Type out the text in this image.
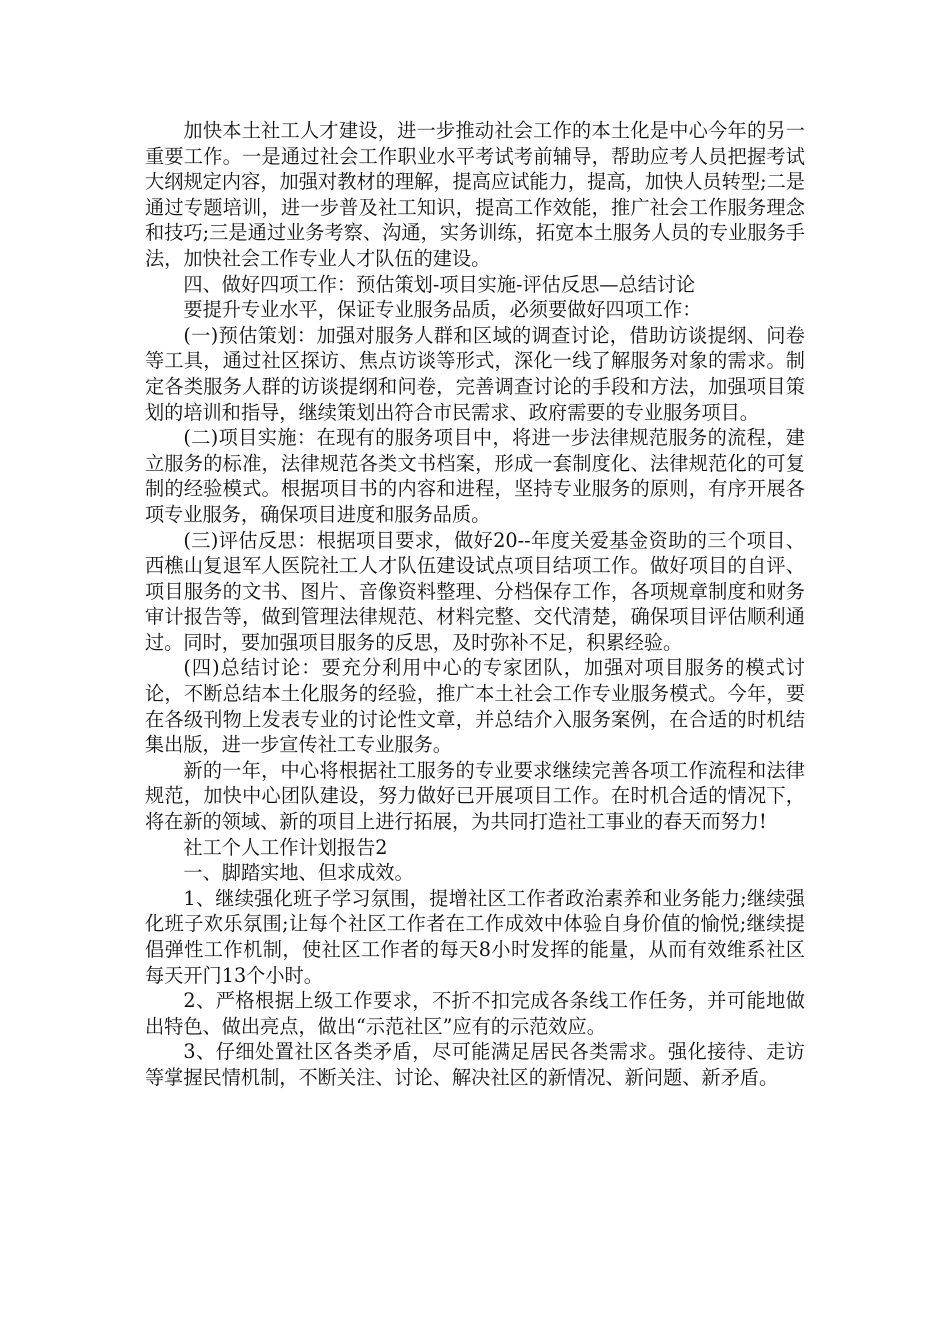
加快本土社工人才建设，进一步推动社会工作的本土化是中心今年的另一重要工作。一是通过社会工作职业水平考试考前辅导，帮助应考人员把握考试大纲规定内容，加强对教材的理解，提高应试能力，提高，加快人员转型;二是通过专题培训，进一步普及社工知识，提高工作效能，推广社会工作服务理念和技巧;三是通过业务考察、沟通，实务训练，拓宽本土服务人员的专业服务手法，加快社会工作专业人才队伍的建设。

四、做好四项工作：预估策划-项目实施-评估反思—总结讨论

要提升专业水平，保证专业服务品质，必须要做好四项工作：

(一)预估策划：加强对服务人群和区域的调查讨论，借助访谈提纲、问卷等工具，通过社区探访、焦点访谈等形式，深化一线了解服务对象的需求。制定各类服务人群的访谈提纲和问卷，完善调查讨论的手段和方法，加强项目策划的培训和指导，继续策划出符合市民需求、政府需要的专业服务项目。

(二)项目实施：在现有的服务项目中，将进一步法律规范服务的流程，建立服务的标准，法律规范各类文书档案，形成一套制度化、法律规范化的可复制的经验模式。根据项目书的内容和进程，坚持专业服务的原则，有序开展各项专业服务，确保项目进度和服务品质。

(三)评估反思：根据项目要求，做好20--年度关爱基金资助的三个项目、西樵山复退军人医院社工人才队伍建设试点项目结项工作。做好项目的自评、项目服务的文书、图片、音像资料整理、分档保存工作，各项规章制度和财务审计报告等，做到管理法律规范、材料完整、交代清楚，确保项目评估顺利通过。同时，要加强项目服务的反思，及时弥补不足，积累经验。

(四)总结讨论：要充分利用中心的专家团队，加强对项目服务的模式讨论，不断总结本土化服务的经验，推广本土社会工作专业服务模式。今年，要在各级刊物上发表专业的讨论性文章，并总结介入服务案例，在合适的时机结集出版，进一步宣传社工专业服务。

新的一年，中心将根据社工服务的专业要求继续完善各项工作流程和法律规范，加快中心团队建设，努力做好已开展项目工作。在时机合适的情况下，将在新的领域、新的项目上进行拓展，为共同打造社工事业的春天而努力!

社工个人工作计划报告2

一、脚踏实地、但求成效。

1、继续强化班子学习氛围，提增社区工作者政治素养和业务能力;继续强化班子欢乐氛围;让每个社区工作者在工作成效中体验自身价值的愉悦;继续提倡弹性工作机制，使社区工作者的每天8小时发挥的能量，从而有效维系社区每天开门13个小时。

2、严格根据上级工作要求，不折不扣完成各条线工作任务，并可能地做出特色、做出亮点，做出“示范社区”应有的示范效应。

3、仔细处置社区各类矛盾，尽可能满足居民各类需求。强化接待、走访等掌握民情机制，不断关注、讨论、解决社区的新情况、新问题、新矛盾。
